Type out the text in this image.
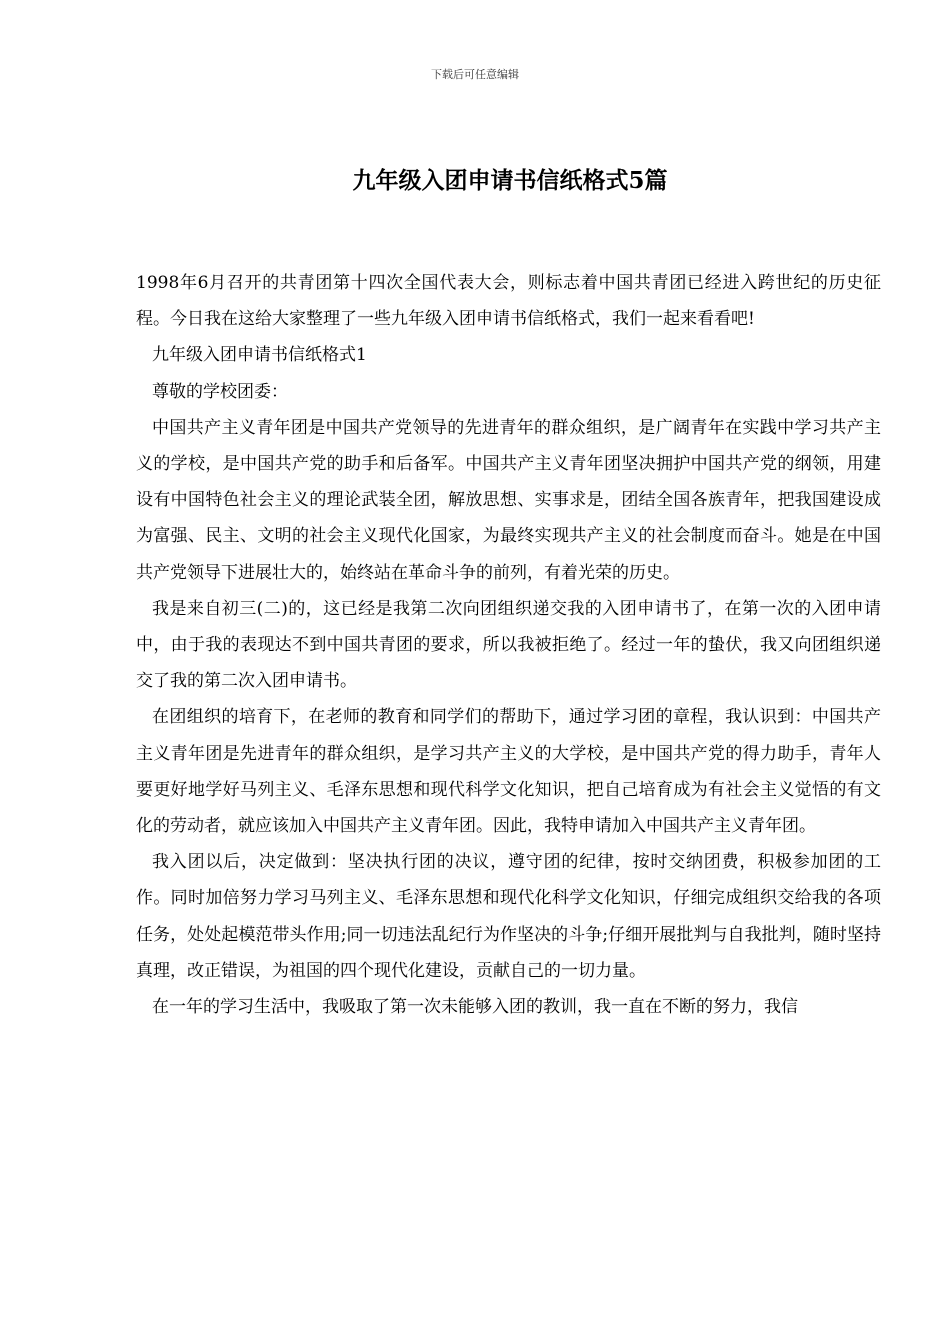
下载后可任意编辑
九年级入团申请书信纸格式5篇

1998年6月召开的共青团第十四次全国代表大会，则标志着中国共青团已经进入跨世纪的历史征程。今日我在这给大家整理了一些九年级入团申请书信纸格式，我们一起来看看吧!

九年级入团申请书信纸格式1

尊敬的学校团委：

中国共产主义青年团是中国共产党领导的先进青年的群众组织，是广阔青年在实践中学习共产主义的学校，是中国共产党的助手和后备军。中国共产主义青年团坚决拥护中国共产党的纲领，用建设有中国特色社会主义的理论武装全团，解放思想、实事求是，团结全国各族青年，把我国建设成为富强、民主、文明的社会主义现代化国家，为最终实现共产主义的社会制度而奋斗。她是在中国共产党领导下进展壮大的，始终站在革命斗争的前列，有着光荣的历史。

我是来自初三(二)的，这已经是我第二次向团组织递交我的入团申请书了，在第一次的入团申请中，由于我的表现达不到中国共青团的要求，所以我被拒绝了。经过一年的蛰伏，我又向团组织递交了我的第二次入团申请书。

在团组织的培育下，在老师的教育和同学们的帮助下，通过学习团的章程，我认识到：中国共产主义青年团是先进青年的群众组织，是学习共产主义的大学校，是中国共产党的得力助手，青年人要更好地学好马列主义、毛泽东思想和现代科学文化知识，把自己培育成为有社会主义觉悟的有文化的劳动者，就应该加入中国共产主义青年团。因此，我特申请加入中国共产主义青年团。

我入团以后，决定做到：坚决执行团的决议，遵守团的纪律，按时交纳团费，积极参加团的工作。同时加倍努力学习马列主义、毛泽东思想和现代化科学文化知识，仔细完成组织交给我的各项任务，处处起模范带头作用;同一切违法乱纪行为作坚决的斗争;仔细开展批判与自我批判，随时坚持真理，改正错误，为祖国的四个现代化建设，贡献自己的一切力量。

在一年的学习生活中，我吸取了第一次未能够入团的教训，我一直在不断的努力，我信
